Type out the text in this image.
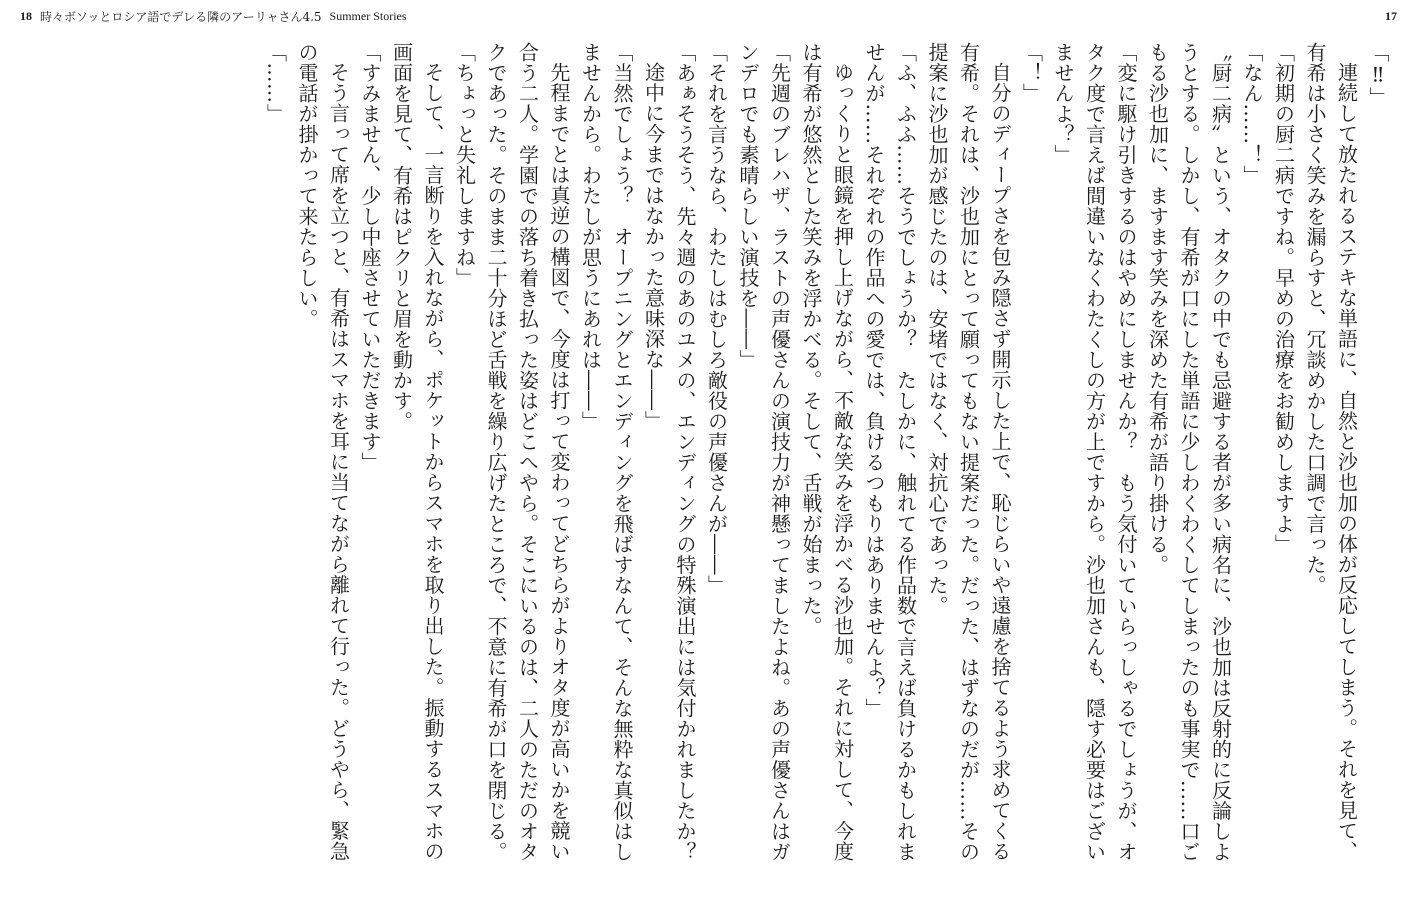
18 時々ボソッとロシア語でデレる隣のアーリャさん4.5 Summer Stories	17

「‼」

連続して放たれるステキな単語に、自然と沙也加の体が反応してしまう。それを見て、

有希は小さく笑みを漏らすと、冗談めかした口調で言った。

「初期の厨二病ですね。早めの治療をお勧めしますよ」

「なん……！」

〝厨二病〟という、オタクの中でも忌避する者が多い病名に、沙也加は反射的に反論しよ

うとする。しかし、有希が口にした単語に少しわくわくしてしまったのも事実で……口ご

もる沙也加に、ますます笑みを深めた有希が語り掛ける。

「変に駆け引きするのはやめにしませんか？　もう気付いていらっしゃるでしょうが、オ

タク度で言えば間違いなくわたくしの方が上ですから。沙也加さんも、隠す必要はござい

ませんよ？」

「！」

自分のディープさを包み隠さず開示した上で、恥じらいや遠慮を捨てるよう求めてくる

有希。それは、沙也加にとって願ってもない提案だった。だった、はずなのだが……その

提案に沙也加が感じたのは、安堵ではなく、対抗心であった。

「ふ、ふふ……そうでしょうか？　たしかに、触れてる作品数で言えば負けるかもしれま

せんが……それぞれの作品への愛では、負けるつもりはありませんよ？」

ゆっくりと眼鏡を押し上げながら、不敵な笑みを浮かべる沙也加。それに対して、今度

は有希が悠然とした笑みを浮かべる。そして、舌戦が始まった。

「先週のブレハザ、ラストの声優さんの演技力が神懸ってましたよね。あの声優さんはガ

ンデロでも素晴らしい演技を――」

「それを言うなら、わたしはむしろ敵役の声優さんが――」

「あぁそうそう、先々週のあのユメの、エンディングの特殊演出には気付かれましたか？

途中に今まではなかった意味深な――」

「当然でしょう？　オープニングとエンディングを飛ばすなんて、そんな無粋な真似はし

ませんから。わたしが思うにあれは――」

先程までとは真逆の構図で、今度は打って変わってどちらがよりオタ度が高いかを競い

合う二人。学園での落ち着き払った姿はどこへやら。そこにいるのは、二人のただのオタ

クであった。そのまま二十分ほど舌戦を繰り広げたところで、不意に有希が口を閉じる。

「ちょっと失礼しますね」

そして、一言断りを入れながら、ポケットからスマホを取り出した。振動するスマホの

画面を見て、有希はピクリと眉を動かす。

「すみません、少し中座させていただきます」

そう言って席を立つと、有希はスマホを耳に当てながら離れて行った。どうやら、緊急

の電話が掛かって来たらしい。

「……」
